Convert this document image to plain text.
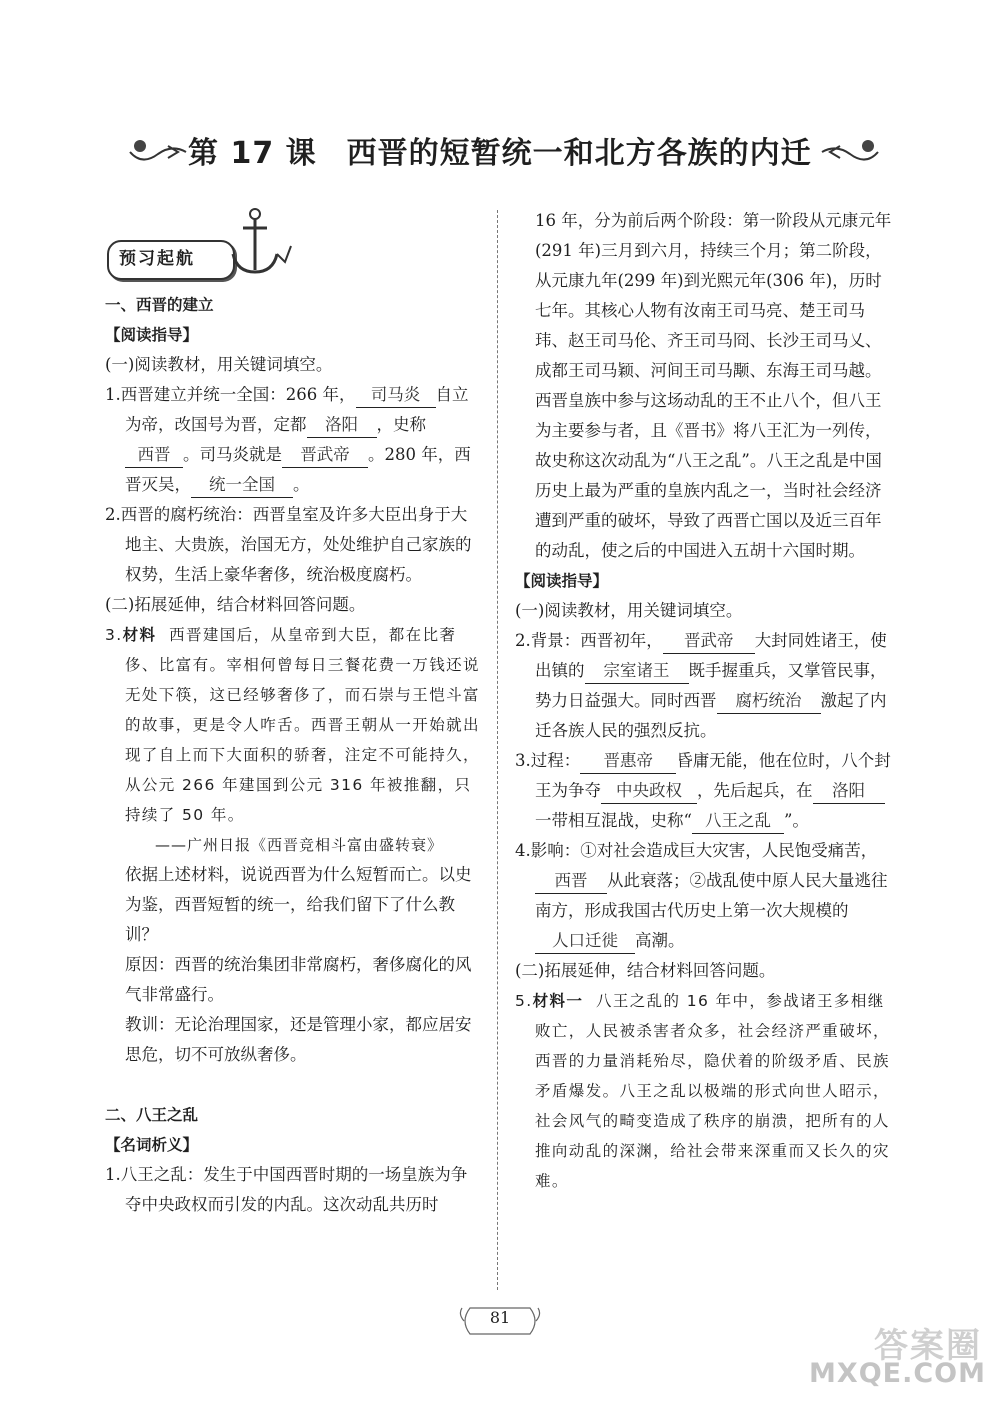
第 17 课 西晋的短暂统一和北方各族的内迁
预习起航

一、西晋的建立

【阅读指导】

(一)阅读教材，用关键词填空。

1.西晋建立并统一全国：266 年， 司马炎 自立为帝，改国号为晋，定都 洛阳 ，史称西晋 。司马炎就是 晋武帝 。280 年，西晋灭吴， 统一全国 。

2.西晋的腐朽统治：西晋皇室及许多大臣出身于大地主、大贵族，治国无方，处处维护自己家族的权势，生活上豪华奢侈，统治极度腐朽。

(二)拓展延伸，结合材料回答问题。

3.材料 西晋建国后，从皇帝到大臣，都在比奢侈、比富有。宰相何曾每日三餐花费一万钱还说无处下筷，这已经够奢侈了，而石崇与王恺斗富的故事，更是令人咋舌。西晋王朝从一开始就出现了自上而下大面积的骄奢，注定不可能持久，从公元 266 年建国到公元 316 年被推翻，只持续了 50 年。

——广州日报《西晋竞相斗富由盛转衰》

依据上述材料，说说西晋为什么短暂而亡。以史为鉴，西晋短暂的统一，给我们留下了什么教训？

原因：西晋的统治集团非常腐朽，奢侈腐化的风气非常盛行。

教训：无论治理国家，还是管理小家，都应居安思危，切不可放纵奢侈。

二、八王之乱

【名词析义】

1.八王之乱：发生于中国西晋时期的一场皇族为争夺中央政权而引发的内乱。这次动乱共历时

16 年，分为前后两个阶段：第一阶段从元康元年(291 年)三月到六月，持续三个月；第二阶段，从元康九年(299 年)到光熙元年(306 年)，历时七年。其核心人物有汝南王司马亮、楚王司马玮、赵王司马伦、齐王司马冏、长沙王司马乂、成都王司马颖、河间王司马颙、东海王司马越。西晋皇族中参与这场动乱的王不止八个，但八王为主要参与者，且《晋书》将八王汇为一列传，故史称这次动乱为“八王之乱”。八王之乱是中国历史上最为严重的皇族内乱之一，当时社会经济遭到严重的破坏，导致了西晋亡国以及近三百年的动乱，使之后的中国进入五胡十六国时期。

【阅读指导】

(一)阅读教材，用关键词填空。

2.背景：西晋初年， 晋武帝 大封同姓诸王，使出镇的 宗室诸王 既手握重兵，又掌管民事，势力日益强大。同时西晋 腐朽统治 激起了内迁各族人民的强烈反抗。

3.过程： 晋惠帝 昏庸无能，他在位时，八个封王为争夺 中央政权 ，先后起兵，在 洛阳一带相互混战，史称“ 八王之乱 ”。

4.影响：①对社会造成巨大灾害，人民饱受痛苦，西晋 从此衰落；②战乱使中原人民大量逃往南方，形成我国古代历史上第一次大规模的人口迁徙 高潮。

(二)拓展延伸，结合材料回答问题。

5.材料一 八王之乱的 16 年中，参战诸王多相继败亡，人民被杀害者众多，社会经济严重破坏，西晋的力量消耗殆尽，隐伏着的阶级矛盾、民族矛盾爆发。八王之乱以极端的形式向世人昭示，社会风气的畸变造成了秩序的崩溃，把所有的人推向动乱的深渊，给社会带来深重而又长久的灾难。

81
答案圈
MXQE.COM
